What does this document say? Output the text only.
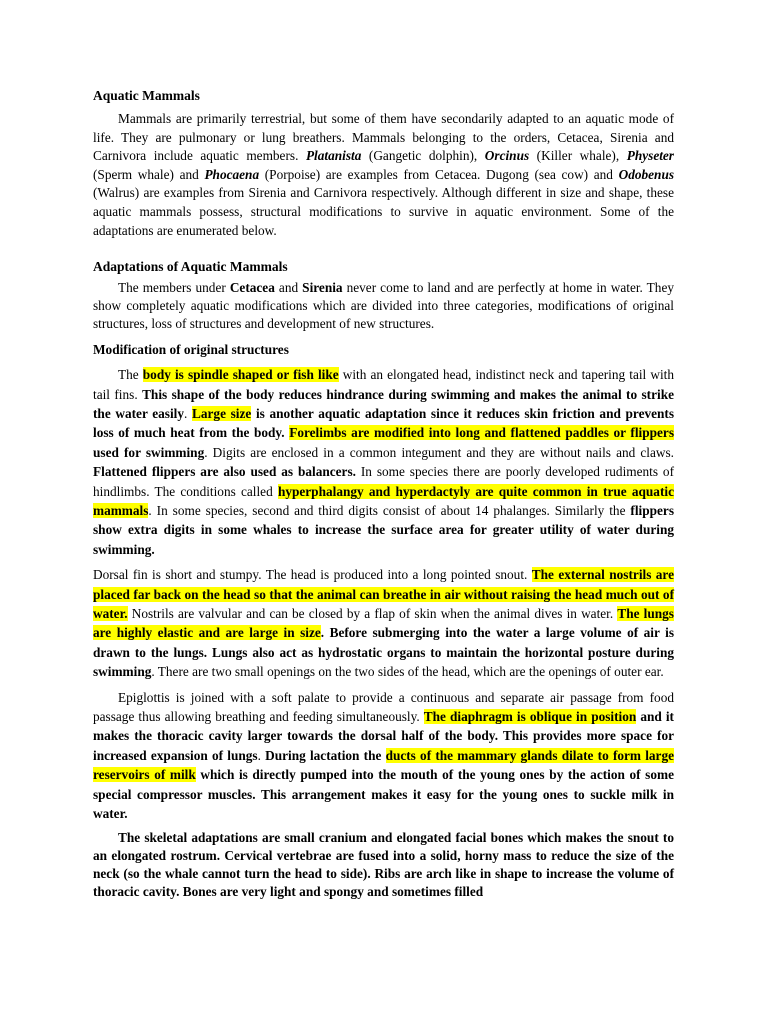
Aquatic Mammals

Mammals are primarily terrestrial, but some of them have secondarily adapted to an aquatic mode of life. They are pulmonary or lung breathers. Mammals belonging to the orders, Cetacea, Sirenia and Carnivora include aquatic members. Platanista (Gangetic dolphin), Orcinus (Killer whale), Physeter (Sperm whale) and Phocaena (Porpoise) are examples from Cetacea. Dugong (sea cow) and Odobenus (Walrus) are examples from Sirenia and Carnivora respectively. Although different in size and shape, these aquatic mammals possess, structural modifications to survive in aquatic environment. Some of the adaptations are enumerated below.

Adaptations of Aquatic Mammals

The members under Cetacea and Sirenia never come to land and are perfectly at home in water. They show completely aquatic modifications which are divided into three categories, modifications of original structures, loss of structures and development of new structures.

Modification of original structures

The body is spindle shaped or fish like with an elongated head, indistinct neck and tapering tail with tail fins. This shape of the body reduces hindrance during swimming and makes the animal to strike the water easily. Large size is another aquatic adaptation since it reduces skin friction and prevents loss of much heat from the body. Forelimbs are modified into long and flattened paddles or flippers used for swimming. Digits are enclosed in a common integument and they are without nails and claws. Flattened flippers are also used as balancers. In some species there are poorly developed rudiments of hindlimbs. The conditions called hyperphalangy and hyperdactyly are quite common in true aquatic mammals. In some species, second and third digits consist of about 14 phalanges. Similarly the flippers show extra digits in some whales to increase the surface area for greater utility of water during swimming.

Dorsal fin is short and stumpy. The head is produced into a long pointed snout. The external nostrils are placed far back on the head so that the animal can breathe in air without raising the head much out of water. Nostrils are valvular and can be closed by a flap of skin when the animal dives in water. The lungs are highly elastic and are large in size. Before submerging into the water a large volume of air is drawn to the lungs. Lungs also act as hydrostatic organs to maintain the horizontal posture during swimming. There are two small openings on the two sides of the head, which are the openings of outer ear.

Epiglottis is joined with a soft palate to provide a continuous and separate air passage from food passage thus allowing breathing and feeding simultaneously. The diaphragm is oblique in position and it makes the thoracic cavity larger towards the dorsal half of the body. This provides more space for increased expansion of lungs. During lactation the ducts of the mammary glands dilate to form large reservoirs of milk which is directly pumped into the mouth of the young ones by the action of some special compressor muscles. This arrangement makes it easy for the young ones to suckle milk in water.

The skeletal adaptations are small cranium and elongated facial bones which makes the snout to an elongated rostrum. Cervical vertebrae are fused into a solid, horny mass to reduce the size of the neck (so the whale cannot turn the head to side). Ribs are arch like in shape to increase the volume of thoracic cavity. Bones are very light and spongy and sometimes filled
